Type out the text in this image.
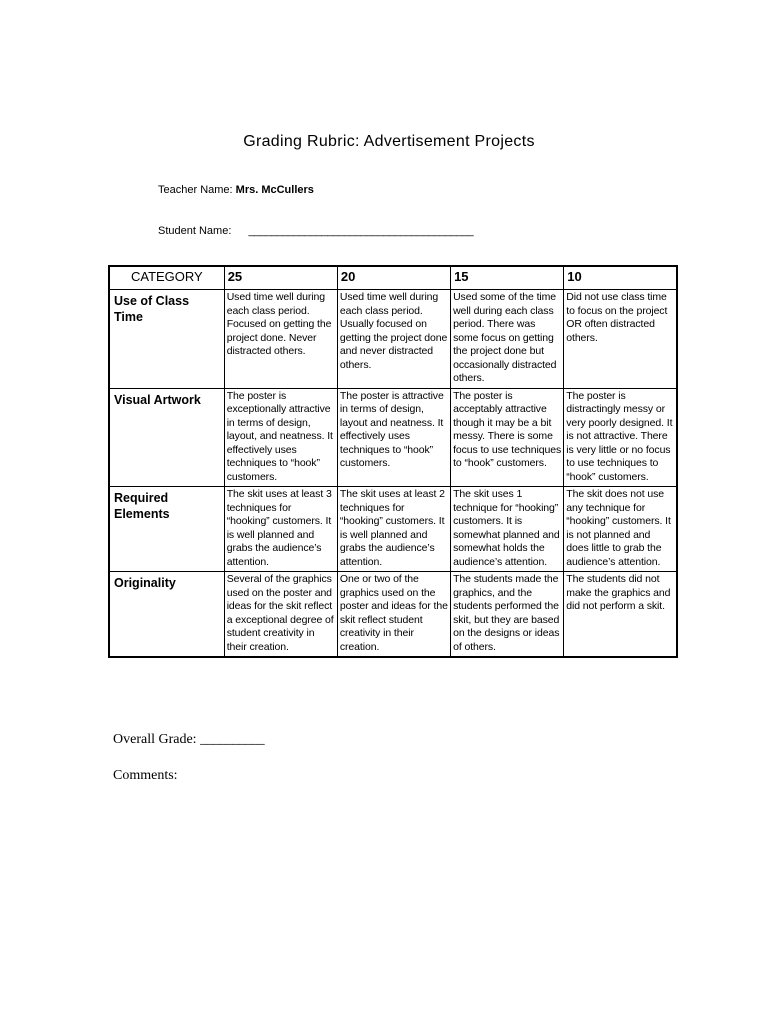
Grading Rubric: Advertisement Projects
Teacher Name: Mrs. McCullers
Student Name: ________________________________________
CATEGORY	25	20	15	10
Use of Class Time	Used time well during each class period. Focused on getting the project done. Never distracted others.	Used time well during each class period. Usually focused on getting the project done and never distracted others.	Used some of the time well during each class period. There was some focus on getting the project done but occasionally distracted others.	Did not use class time to focus on the project OR often distracted others.
Visual Artwork	The poster is exceptionally attractive in terms of design, layout, and neatness. It effectively uses techniques to “hook” customers.	The poster is attractive in terms of design, layout and neatness. It effectively uses techniques to “hook” customers.	The poster is acceptably attractive though it may be a bit messy. There is some focus to use techniques to “hook” customers.	The poster is distractingly messy or very poorly designed. It is not attractive. There is very little or no focus to use techniques to “hook” customers.
Required Elements	The skit uses at least 3 techniques for “hooking” customers. It is well planned and grabs the audience’s attention.	The skit uses at least 2 techniques for “hooking” customers. It is well planned and grabs the audience’s attention.	The skit uses 1 technique for “hooking” customers. It is somewhat planned and somewhat holds the audience’s attention.	The skit does not use any technique for “hooking” customers. It is not planned and does little to grab the audience’s attention.
Originality	Several of the graphics used on the poster and ideas for the skit reflect a exceptional degree of student creativity in their creation.	One or two of the graphics used on the poster and ideas for the skit reflect student creativity in their creation.	The students made the graphics, and the students performed the skit, but they are based on the designs or ideas of others.	The students did not make the graphics and did not perform a skit.
Overall Grade: __________
Comments:
